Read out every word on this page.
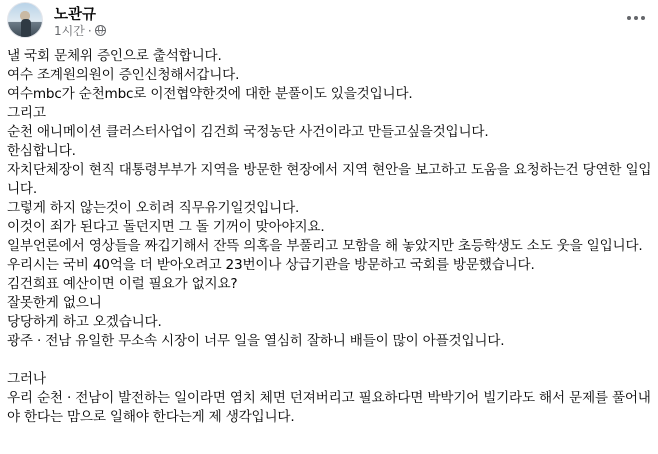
노관규
1시간 ·

낼 국회 문체위 증인으로 출석합니다.

여수 조계원의원이 증인신청해서갑니다.

여수mbc가 순천mbc로 이전협약한것에 대한 분풀이도 있을것입니다.

그리고

순천 애니메이션 클러스터사업이 김건희 국정농단 사건이라고 만들고싶을것입니다.

한심합니다.

자치단체장이 현직 대통령부부가 지역을 방문한 현장에서 지역 현안을 보고하고 도움을 요청하는건 당연한 일입니다.

그렇게 하지 않는것이 오히려 직무유기일것입니다.

이것이 죄가 된다고 돌던지면 그 돌 기꺼이 맞아야지요.

일부언론에서 영상들을 짜깁기해서 잔뜩 의혹을 부풀리고 모함을 해 놓았지만 초등학생도 소도 웃을 일입니다.

우리시는 국비 40억을 더 받아오려고 23번이나 상급기관을 방문하고 국회를 방문했습니다.

김건희표 예산이면 이럴 필요가 없지요?

잘못한게 없으니

당당하게 하고 오겠습니다.

광주 · 전남 유일한 무소속 시장이 너무 일을 열심히 잘하니 배들이 많이 아플것입니다.

그러나

우리 순천 · 전남이 발전하는 일이라면 염치 체면 던져버리고 필요하다면 박박기어 빌기라도 해서 문제를 풀어내야 한다는 맘으로 일해야 한다는게 제 생각입니다.
